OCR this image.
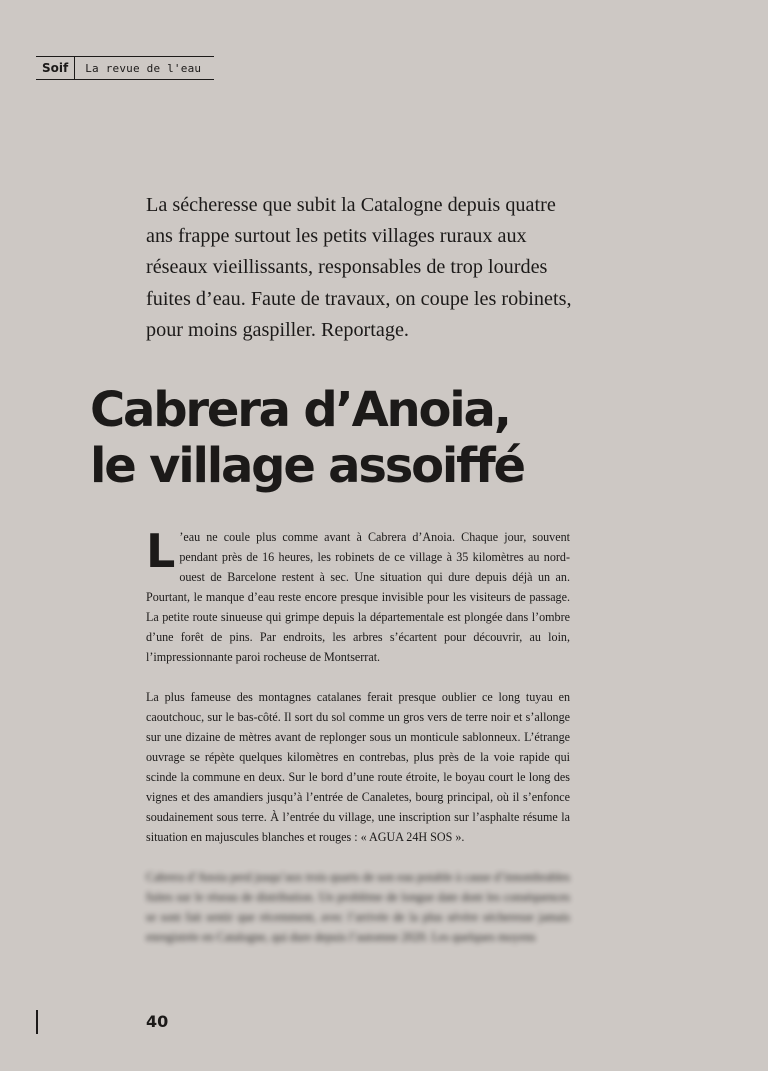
Soif	La revue de l'eau

La sécheresse que subit la Catalogne depuis quatre ans frappe surtout les petits villages ruraux aux réseaux vieillissants, responsables de trop lourdes fuites d’eau. Faute de travaux, on coupe les robinets, pour moins gaspiller. Reportage.

Cabrera d’Anoia,
le village assoiffé

L ’eau ne coule plus comme avant à Cabrera d’Anoia. Chaque jour, souvent pendant près de 16 heures, les robinets de ce village à 35 kilomètres au nord-ouest de Barcelone restent à sec. Une situation qui dure depuis déjà un an. Pourtant, le manque d’eau reste encore presque invisible pour les visiteurs de passage. La petite route sinueuse qui grimpe depuis la départementale est plongée dans l’ombre d’une forêt de pins. Par endroits, les arbres s’écartent pour découvrir, au loin, l’impressionnante paroi rocheuse de Montserrat.

La plus fameuse des montagnes catalanes ferait presque oublier ce long tuyau en caoutchouc, sur le bas-côté. Il sort du sol comme un gros vers de terre noir et s’allonge sur une dizaine de mètres avant de replonger sous un monticule sablonneux. L’étrange ouvrage se répète quelques kilomètres en contrebas, plus près de la voie rapide qui scinde la commune en deux. Sur le bord d’une route étroite, le boyau court le long des vignes et des amandiers jusqu’à l’entrée de Canaletes, bourg principal, où il s’enfonce soudainement sous terre. À l’entrée du village, une inscription sur l’asphalte résume la situation en majuscules blanches et rouges : « AGUA 24H SOS ».

Cabrera d’Anoia perd jusqu’aux trois quarts de son eau potable à cause d’innombrables fuites sur le réseau de distribution. Un problème de longue date dont les conséquences se sont fait sentir que récemment, avec l’arrivée de la plus sévère sécheresse jamais enregistrée en Catalogne, qui dure depuis l’automne 2020. Les quelques moyens

40
